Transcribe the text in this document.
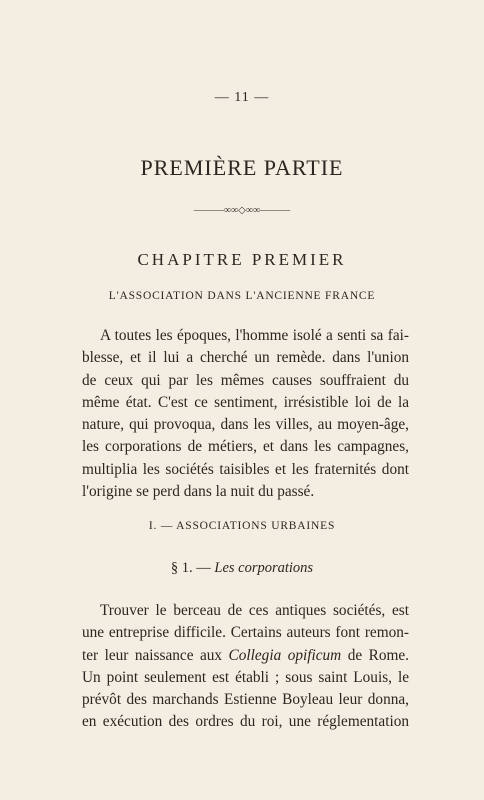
— 11 —
PREMIÈRE PARTIE
———∞∞◇∞∞———
CHAPITRE PREMIER
L'ASSOCIATION DANS L'ANCIENNE FRANCE

A toutes les époques, l'homme isolé a senti sa fai-
blesse, et il lui a cherché un remède. dans l'union
de ceux qui par les mêmes causes souffraient du
même état. C'est ce sentiment, irrésistible loi de la
nature, qui provoqua, dans les villes, au moyen-âge,
les corporations de métiers, et dans les campagnes,
multiplia les sociétés taisibles et les fraternités dont
l'origine se perd dans la nuit du passé.

I. — ASSOCIATIONS URBAINES
§ 1. — Les corporations

Trouver le berceau de ces antiques sociétés, est
une entreprise difficile. Certains auteurs font remon-
ter leur naissance aux Collegia opificum de Rome.
Un point seulement est établi ; sous saint Louis, le
prévôt des marchands Estienne Boyleau leur donna,
en exécution des ordres du roi, une réglementation
